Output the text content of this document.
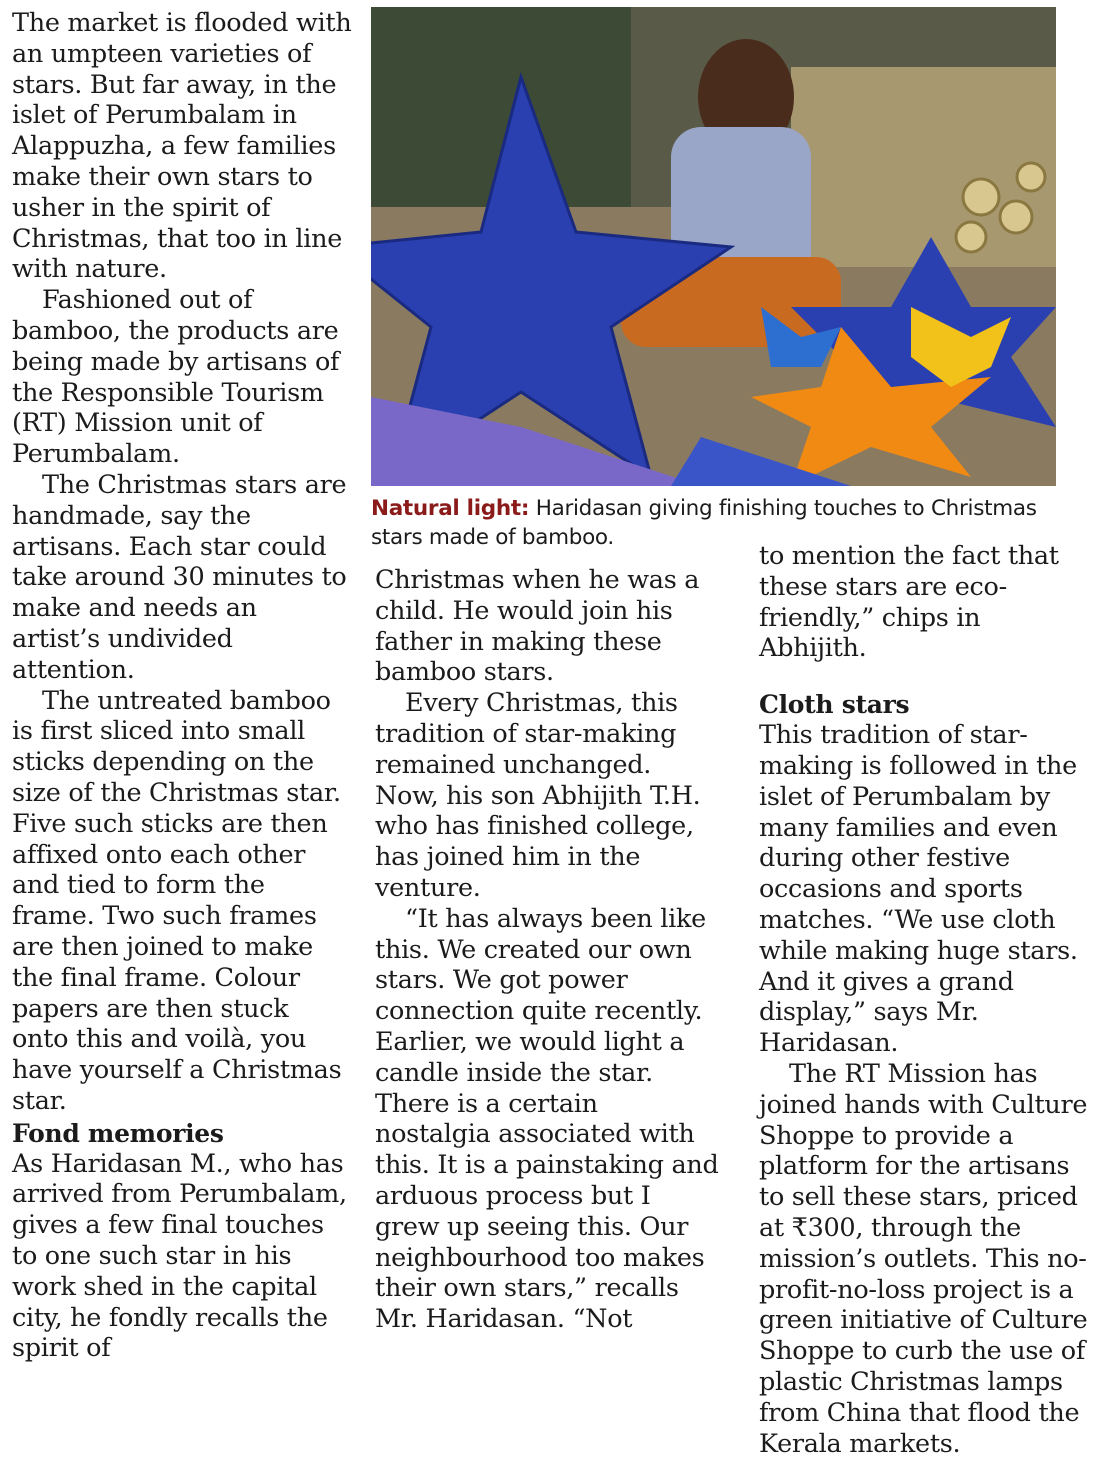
The market is flooded with an umpteen varieties of stars. But far away, in the islet of Perumbalam in Alappuzha, a few families make their own stars to usher in the spirit of Christmas, that too in line with nature.

Fashioned out of bamboo, the products are being made by artisans of the Responsible Tourism (RT) Mission unit of Perumbalam.

The Christmas stars are handmade, say the artisans. Each star could take around 30 minutes to make and needs an artist’s undivided attention.

The untreated bamboo is first sliced into small sticks depending on the size of the Christmas star. Five such sticks are then affixed onto each other and tied to form the frame. Two such frames are then joined to make the final frame. Colour papers are then stuck onto this and voilà, you have yourself a Christmas star.

Fond memories

As Haridasan M., who has arrived from Perumbalam, gives a few final touches to one such star in his work shed in the capital city, he fondly recalls the spirit of

Natural light: Haridasan giving finishing touches to Christmas stars made of bamboo.

Christmas when he was a child. He would join his father in making these bamboo stars.

Every Christmas, this tradition of star-making remained unchanged. Now, his son Abhijith T.H. who has finished college, has joined him in the venture.

“It has always been like this. We created our own stars. We got power connection quite recently. Earlier, we would light a candle inside the star. There is a certain nostalgia associated with this. It is a painstaking and arduous process but I grew up seeing this. Our neighbourhood too makes their own stars,” recalls Mr. Haridasan. “Not

to mention the fact that these stars are eco-friendly,” chips in Abhijith.

Cloth stars

This tradition of star-making is followed in the islet of Perumbalam by many families and even during other festive occasions and sports matches. “We use cloth while making huge stars. And it gives a grand display,” says Mr. Haridasan.

The RT Mission has joined hands with Culture Shoppe to provide a platform for the artisans to sell these stars, priced at ₹300, through the mission’s outlets. This no-profit-no-loss project is a green initiative of Culture Shoppe to curb the use of plastic Christmas lamps from China that flood the Kerala markets.
